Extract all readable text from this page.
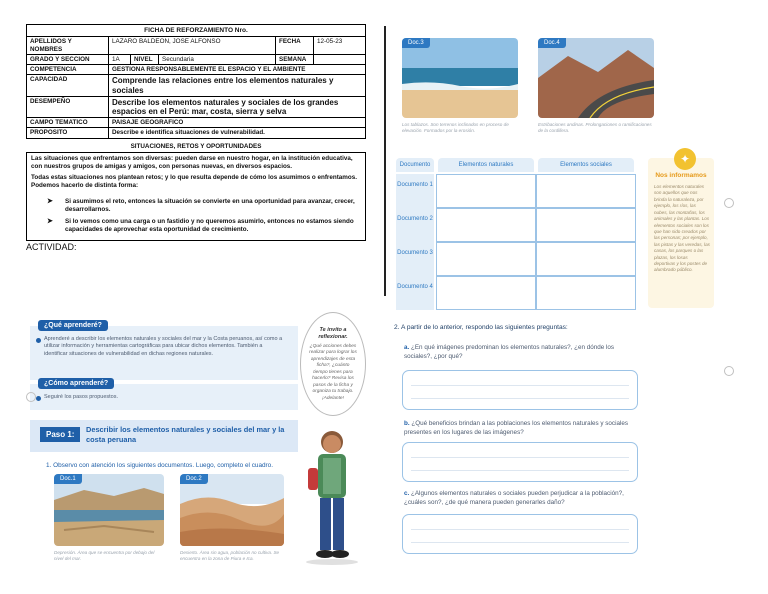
FICHA DE REFORZAMIENTO Nro.					
APELLIDOS Y NOMBRES	LAZARO BALDEON, JOSE ALFONSO			FECHA	12-05-23
GRADO Y SECCION	1A	NIVEL	Secundaria	SEMANA	
COMPETENCIA	GESTIONA RESPONSABLEMENTE EL ESPACIO Y EL AMBIENTE				
CAPACIDAD	Comprende las relaciones entre los elementos naturales y sociales				
DESEMPEÑO	Describe los elementos naturales y sociales de los grandes espacios en el Perú: mar, costa, sierra y selva				
CAMPO TEMATICO	PAISAJE GEOGRAFICO				
PROPOSITO	Describe e identifica situaciones de vulnerabilidad.				
SITUACIONES, RETOS Y OPORTUNIDADES

Las situaciones que enfrentamos son diversas: pueden darse en nuestro hogar, en la institución educativa, con nuestros grupos de amigas y amigos, con personas nuevas, en diversos espacios.

Todas estas situaciones nos plantean retos; y lo que resulta depende de cómo los asumimos o enfrentamos. Podemos hacerlo de distinta forma:

➤ Si asumimos el reto, entonces la situación se convierte en una oportunidad para avanzar, crecer, desarrollarnos.
➤ Si lo vemos como una carga o un fastidio y no queremos asumirlo, entonces no estamos siendo capacidades de aprovechar esta oportunidad de crecimiento.
ACTIVIDAD:
¿Qué aprenderé?
Aprenderé a describir los elementos naturales y sociales del mar y la Costa peruanos, así como a utilizar información y herramientas cartográficas para ubicar dichos elementos. También a identificar situaciones de vulnerabilidad en dichas regiones naturales.
¿Cómo aprenderé?
Seguiré los pasos propuestos.
Te invito a reflexionar.
¿Qué acciones debes realizar para lograr los aprendizajes de esta ficha?, ¿cuánto tiempo tienes para hacerlo? Revisa los pasos de la ficha y organiza tu trabajo. ¡Adelante!
Paso 1:
Describir los elementos naturales y sociales del mar y la costa peruana
1. Observo con atención los siguientes documentos. Luego, completo el cuadro.
Doc.1
Depresión. Área que se encuentra por debajo del nivel del mar.
Doc.2
Desierto. Área sin agua, población no cultiva. Se encuentra en la zona de Piura e Ica.
Doc.3
Los tablazos. Son terrenos inclinados en proceso de elevación. Formados por la erosión.
Doc.4
Estribaciones andinas. Prolongaciones o ramificaciones de la cordillera.
Documento	Elementos naturales	Elementos sociales
Documento 1
Documento 2
Documento 3
Documento 4
✦
Nos informamos
Los elementos naturales son aquellos que nos brinda la naturaleza, por ejemplo, los ríos, las nubes, las montañas, los animales y las plantas. Los elementos sociales son los que han sido creados por las personas; por ejemplo, las pistas y las veredas, las casas, los parques o las plazas, los losas deportivas y los postes de alumbrado público.
2. A partir de lo anterior, respondo las siguientes preguntas:
a. ¿En qué imágenes predominan los elementos naturales?, ¿en dónde los sociales?, ¿por qué?
b. ¿Qué beneficios brindan a las poblaciones los elementos naturales y sociales presentes en los lugares de las imágenes?
c. ¿Algunos elementos naturales o sociales pueden perjudicar a la población?, ¿cuáles son?, ¿de qué manera pueden generarles daño?
